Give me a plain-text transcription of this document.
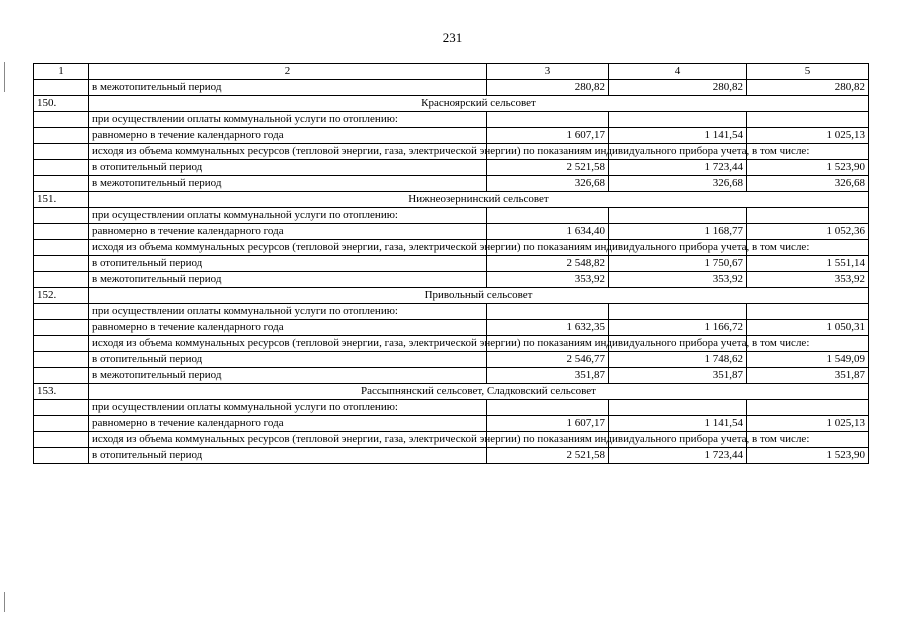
231
1	2	3	4	5
	в межотопительный период	280,82	280,82	280,82
150.	Красноярский сельсовет			
	при осуществлении оплаты коммунальной услуги по отоплению:			
	равномерно в течение календарного года	1 607,17	1 141,54	1 025,13
	исходя из объема коммунальных ресурсов (тепловой энергии, газа, электрической энергии) по показаниям индивидуального прибора учета, в том числе:			
	в отопительный период	2 521,58	1 723,44	1 523,90
	в межотопительный период	326,68	326,68	326,68
151.	Нижнеозернинский сельсовет			
	при осуществлении оплаты коммунальной услуги по отоплению:			
	равномерно в течение календарного года	1 634,40	1 168,77	1 052,36
	исходя из объема коммунальных ресурсов (тепловой энергии, газа, электрической энергии) по показаниям индивидуального прибора учета, в том числе:			
	в отопительный период	2 548,82	1 750,67	1 551,14
	в межотопительный период	353,92	353,92	353,92
152.	Привольный сельсовет			
	при осуществлении оплаты коммунальной услуги по отоплению:			
	равномерно в течение календарного года	1 632,35	1 166,72	1 050,31
	исходя из объема коммунальных ресурсов (тепловой энергии, газа, электрической энергии) по показаниям индивидуального прибора учета, в том числе:			
	в отопительный период	2 546,77	1 748,62	1 549,09
	в межотопительный период	351,87	351,87	351,87
153.	Рассыпнянский сельсовет, Сладковский сельсовет			
	при осуществлении оплаты коммунальной услуги по отоплению:			
	равномерно в течение календарного года	1 607,17	1 141,54	1 025,13
	исходя из объема коммунальных ресурсов (тепловой энергии, газа, электрической энергии) по показаниям индивидуального прибора учета, в том числе:			
	в отопительный период	2 521,58	1 723,44	1 523,90
